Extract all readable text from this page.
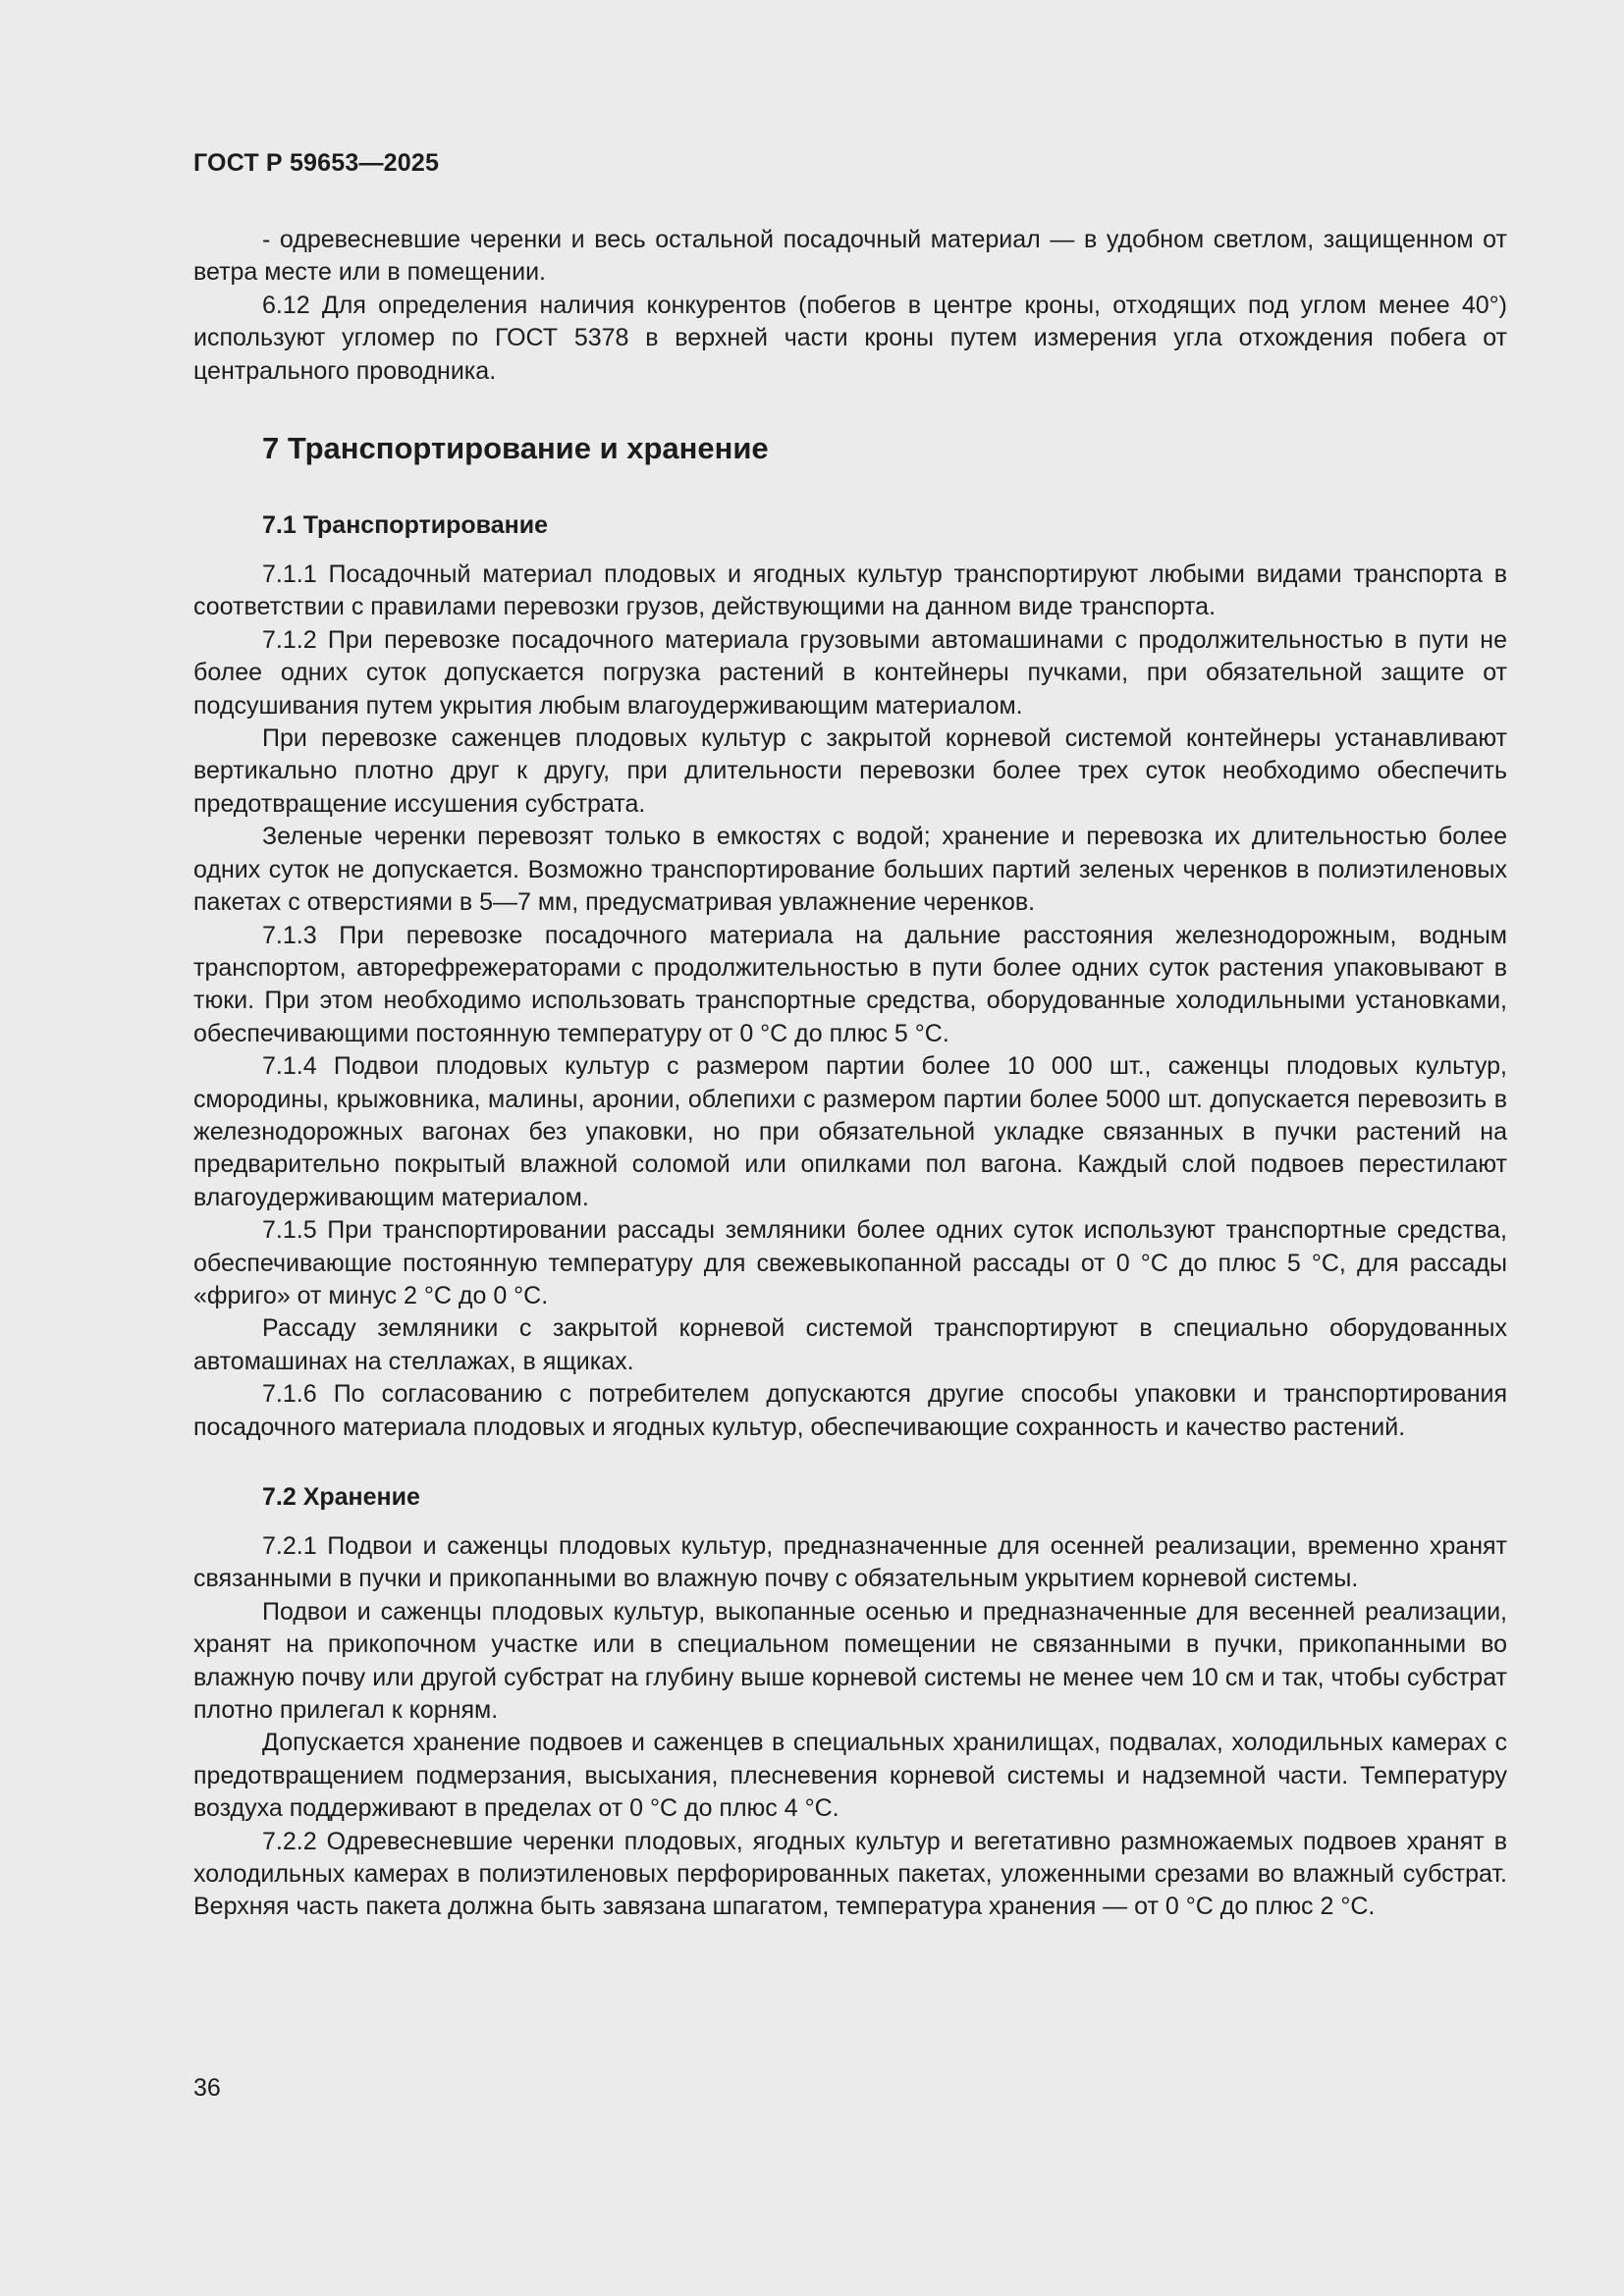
ГОСТ Р 59653—2025

- одревесневшие черенки и весь остальной посадочный материал — в удобном светлом, защищенном от ветра месте или в помещении.

6.12 Для определения наличия конкурентов (побегов в центре кроны, отходящих под углом менее 40°) используют угломер по ГОСТ 5378 в верхней части кроны путем измерения угла отхождения побега от центрального проводника.

7 Транспортирование и хранение
7.1 Транспортирование

7.1.1 Посадочный материал плодовых и ягодных культур транспортируют любыми видами транспорта в соответствии с правилами перевозки грузов, действующими на данном виде транспорта.

7.1.2 При перевозке посадочного материала грузовыми автомашинами с продолжительностью в пути не более одних суток допускается погрузка растений в контейнеры пучками, при обязательной защите от подсушивания путем укрытия любым влагоудерживающим материалом.

При перевозке саженцев плодовых культур с закрытой корневой системой контейнеры устанавливают вертикально плотно друг к другу, при длительности перевозки более трех суток необходимо обеспечить предотвращение иссушения субстрата.

Зеленые черенки перевозят только в емкостях с водой; хранение и перевозка их длительностью более одних суток не допускается. Возможно транспортирование больших партий зеленых черенков в полиэтиленовых пакетах с отверстиями в 5—7 мм, предусматривая увлажнение черенков.

7.1.3 При перевозке посадочного материала на дальние расстояния железнодорожным, водным транспортом, авторефрежераторами с продолжительностью в пути более одних суток растения упаковывают в тюки. При этом необходимо использовать транспортные средства, оборудованные холодильными установками, обеспечивающими постоянную температуру от 0 °С до плюс 5 °С.

7.1.4 Подвои плодовых культур с размером партии более 10 000 шт., саженцы плодовых культур, смородины, крыжовника, малины, аронии, облепихи с размером партии более 5000 шт. допускается перевозить в железнодорожных вагонах без упаковки, но при обязательной укладке связанных в пучки растений на предварительно покрытый влажной соломой или опилками пол вагона. Каждый слой подвоев перестилают влагоудерживающим материалом.

7.1.5 При транспортировании рассады земляники более одних суток используют транспортные средства, обеспечивающие постоянную температуру для свежевыкопанной рассады от 0 °С до плюс 5 °С, для рассады «фриго» от минус 2 °С до 0 °С.

Рассаду земляники с закрытой корневой системой транспортируют в специально оборудованных автомашинах на стеллажах, в ящиках.

7.1.6 По согласованию с потребителем допускаются другие способы упаковки и транспортирования посадочного материала плодовых и ягодных культур, обеспечивающие сохранность и качество растений.

7.2 Хранение

7.2.1 Подвои и саженцы плодовых культур, предназначенные для осенней реализации, временно хранят связанными в пучки и прикопанными во влажную почву с обязательным укрытием корневой системы.

Подвои и саженцы плодовых культур, выкопанные осенью и предназначенные для весенней реализации, хранят на прикопочном участке или в специальном помещении не связанными в пучки, прикопанными во влажную почву или другой субстрат на глубину выше корневой системы не менее чем 10 см и так, чтобы субстрат плотно прилегал к корням.

Допускается хранение подвоев и саженцев в специальных хранилищах, подвалах, холодильных камерах с предотвращением подмерзания, высыхания, плесневения корневой системы и надземной части. Температуру воздуха поддерживают в пределах от 0 °С до плюс 4 °С.

7.2.2 Одревесневшие черенки плодовых, ягодных культур и вегетативно размножаемых подвоев хранят в холодильных камерах в полиэтиленовых перфорированных пакетах, уложенными срезами во влажный субстрат. Верхняя часть пакета должна быть завязана шпагатом, температура хранения — от 0 °С до плюс 2 °С.

36
